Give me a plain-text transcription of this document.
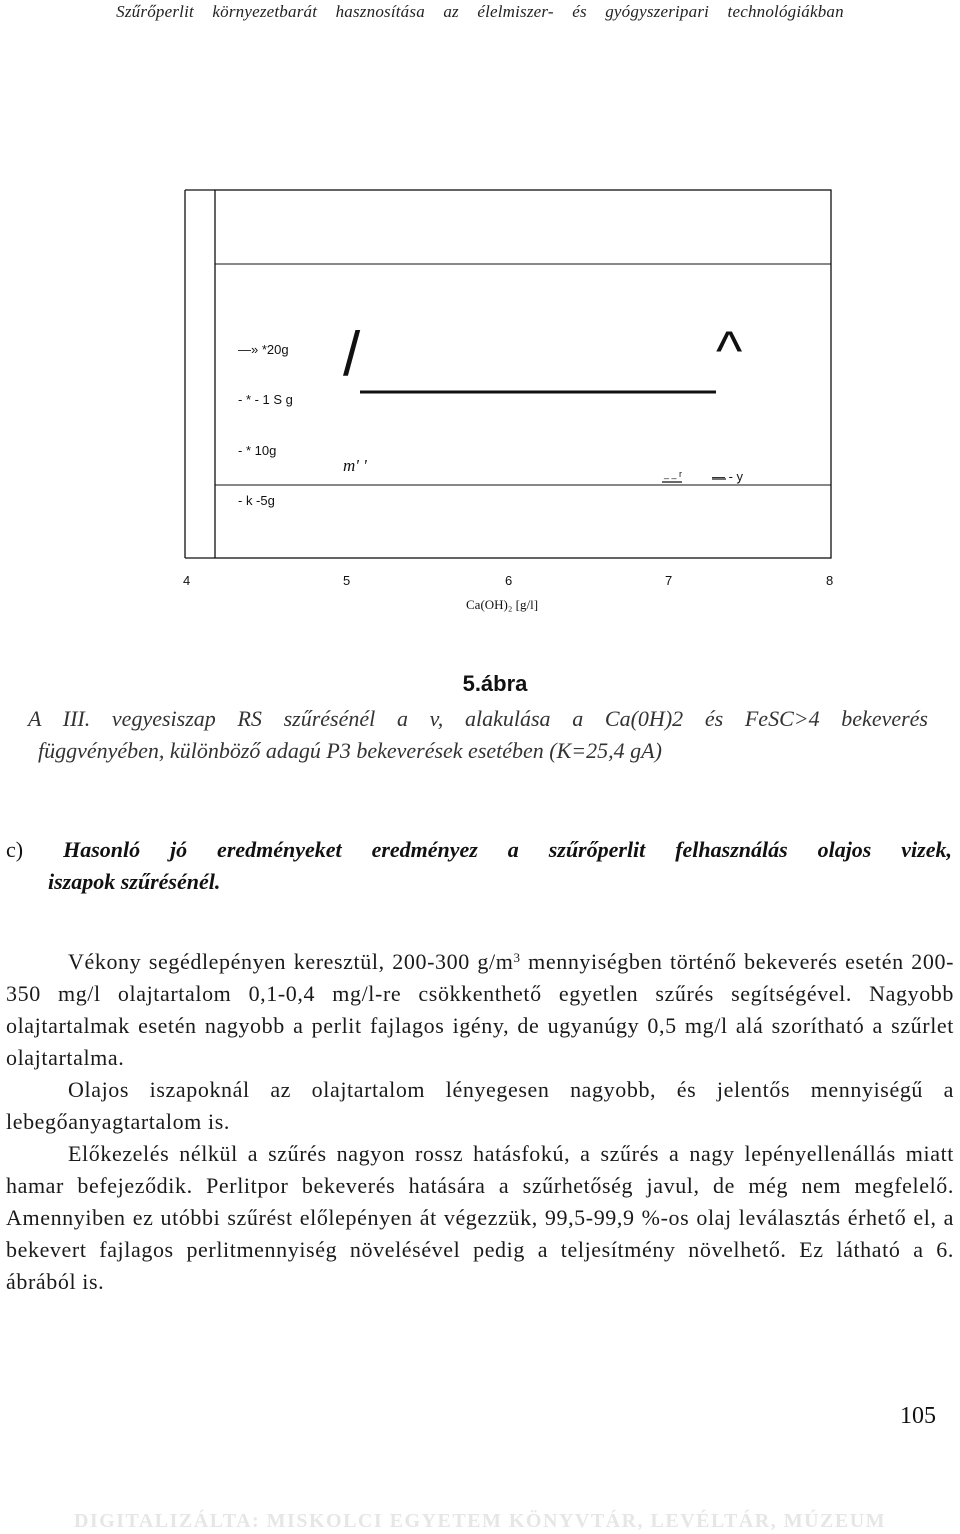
Szűrőperlit környezetbarát hasznosítása az élelmiszer- és gyógyszeripari technológiákban
—» *20g
- * - 1 S g
- * 10g
- k -5g
/	^
m' '	_ _ r — - y
4	5	6	7	8
Ca(OH)₂ [g/l]
5.ábra
A III. vegyesiszap RS szűrésénél a v, alakulása a Ca(0H)2 és FeSC>4 bekeverés
függvényében, különböző adagú P3 bekeverések esetében (K=25,4 gA)
c) Hasonló jó eredményeket eredményez a szűrőperlit felhasználás olajos vizek,
iszapok szűrésénél.

Vékony segédlepényen keresztül, 200-300 $g/m^3$ mennyiségben történő bekeverés esetén 200-350 mg/l olajtartalom 0,1-0,4 mg/l-re csökkenthető egyetlen szűrés segítségével. Nagyobb olajtartalmak esetén nagyobb a perlit fajlagos igény, de ugyanúgy 0,5 mg/l alá szorítható a szűrlet olajtartalma.

Olajos iszapoknál az olajtartalom lényegesen nagyobb, és jelentős mennyiségű a lebegőanyagtartalom is.

Előkezelés nélkül a szűrés nagyon rossz hatásfokú, a szűrés a nagy lepényellenállás miatt hamar befejeződik. Perlitpor bekeverés hatására a szűrhetőség javul, de még nem megfelelő. Amennyiben ez utóbbi szűrést előlepényen át végezzük, 99,5-99,9 %-os olaj leválasztás érhető el, a bekevert fajlagos perlitmennyiség növelésével pedig a teljesítmény növelhető. Ez látható a 6. ábrából is.

105
DIGITALIZÁLTA: MISKOLCI EGYETEM KÖNYVTÁR, LEVÉLTÁR, MÚZEUM
